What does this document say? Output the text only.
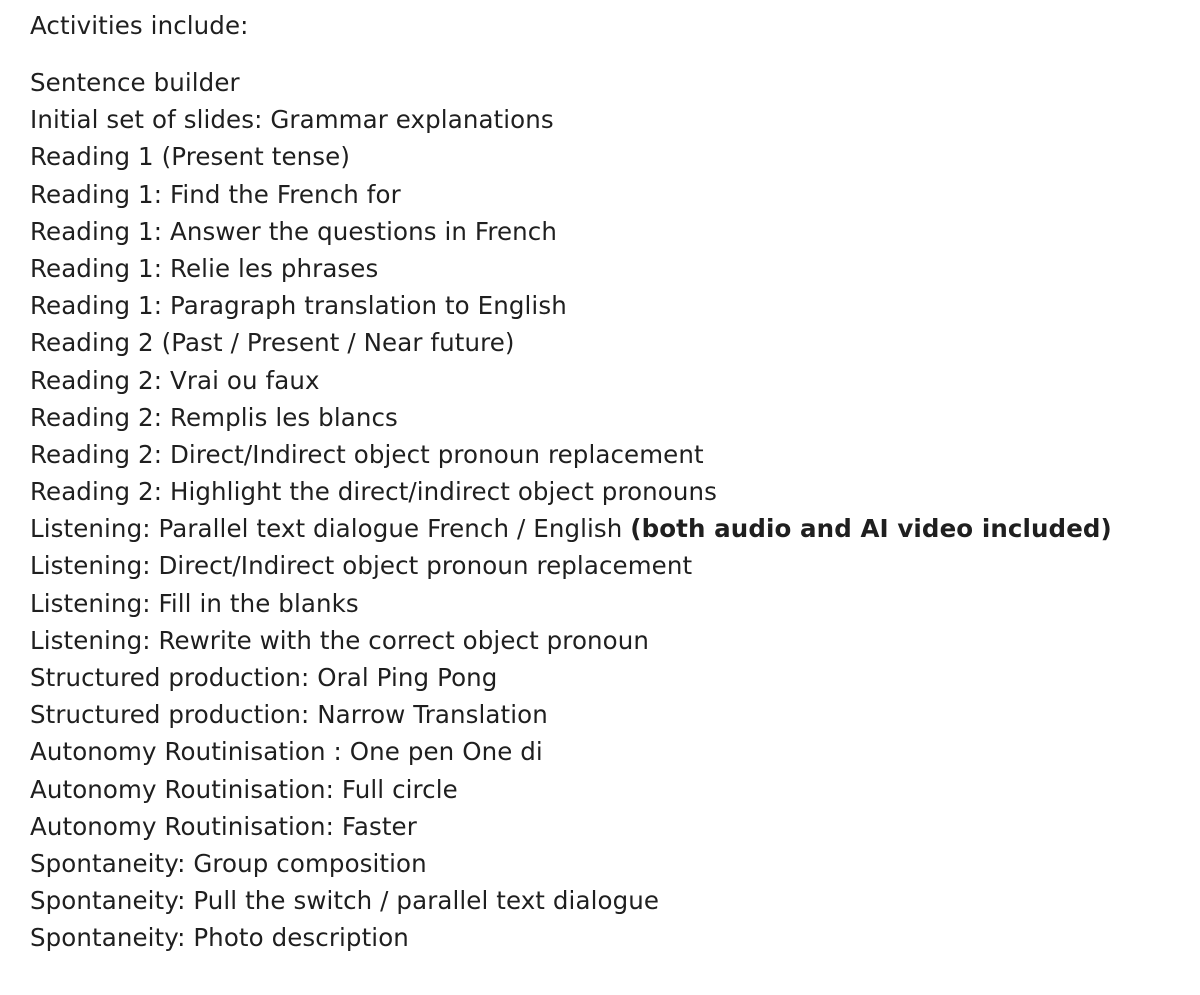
Activities include:
Sentence builder
Initial set of slides: Grammar explanations
Reading 1 (Present tense)
Reading 1: Find the French for
Reading 1: Answer the questions in French
Reading 1: Relie les phrases
Reading 1: Paragraph translation to English
Reading 2 (Past / Present / Near future)
Reading 2: Vrai ou faux
Reading 2: Remplis les blancs
Reading 2: Direct/Indirect object pronoun replacement
Reading 2: Highlight the direct/indirect object pronouns
Listening: Parallel text dialogue French / English (both audio and AI video included)
Listening: Direct/Indirect object pronoun replacement
Listening: Fill in the blanks
Listening: Rewrite with the correct object pronoun
Structured production: Oral Ping Pong
Structured production: Narrow Translation
Autonomy Routinisation : One pen One di
Autonomy Routinisation: Full circle
Autonomy Routinisation: Faster
Spontaneity: Group composition
Spontaneity: Pull the switch / parallel text dialogue
Spontaneity: Photo description
